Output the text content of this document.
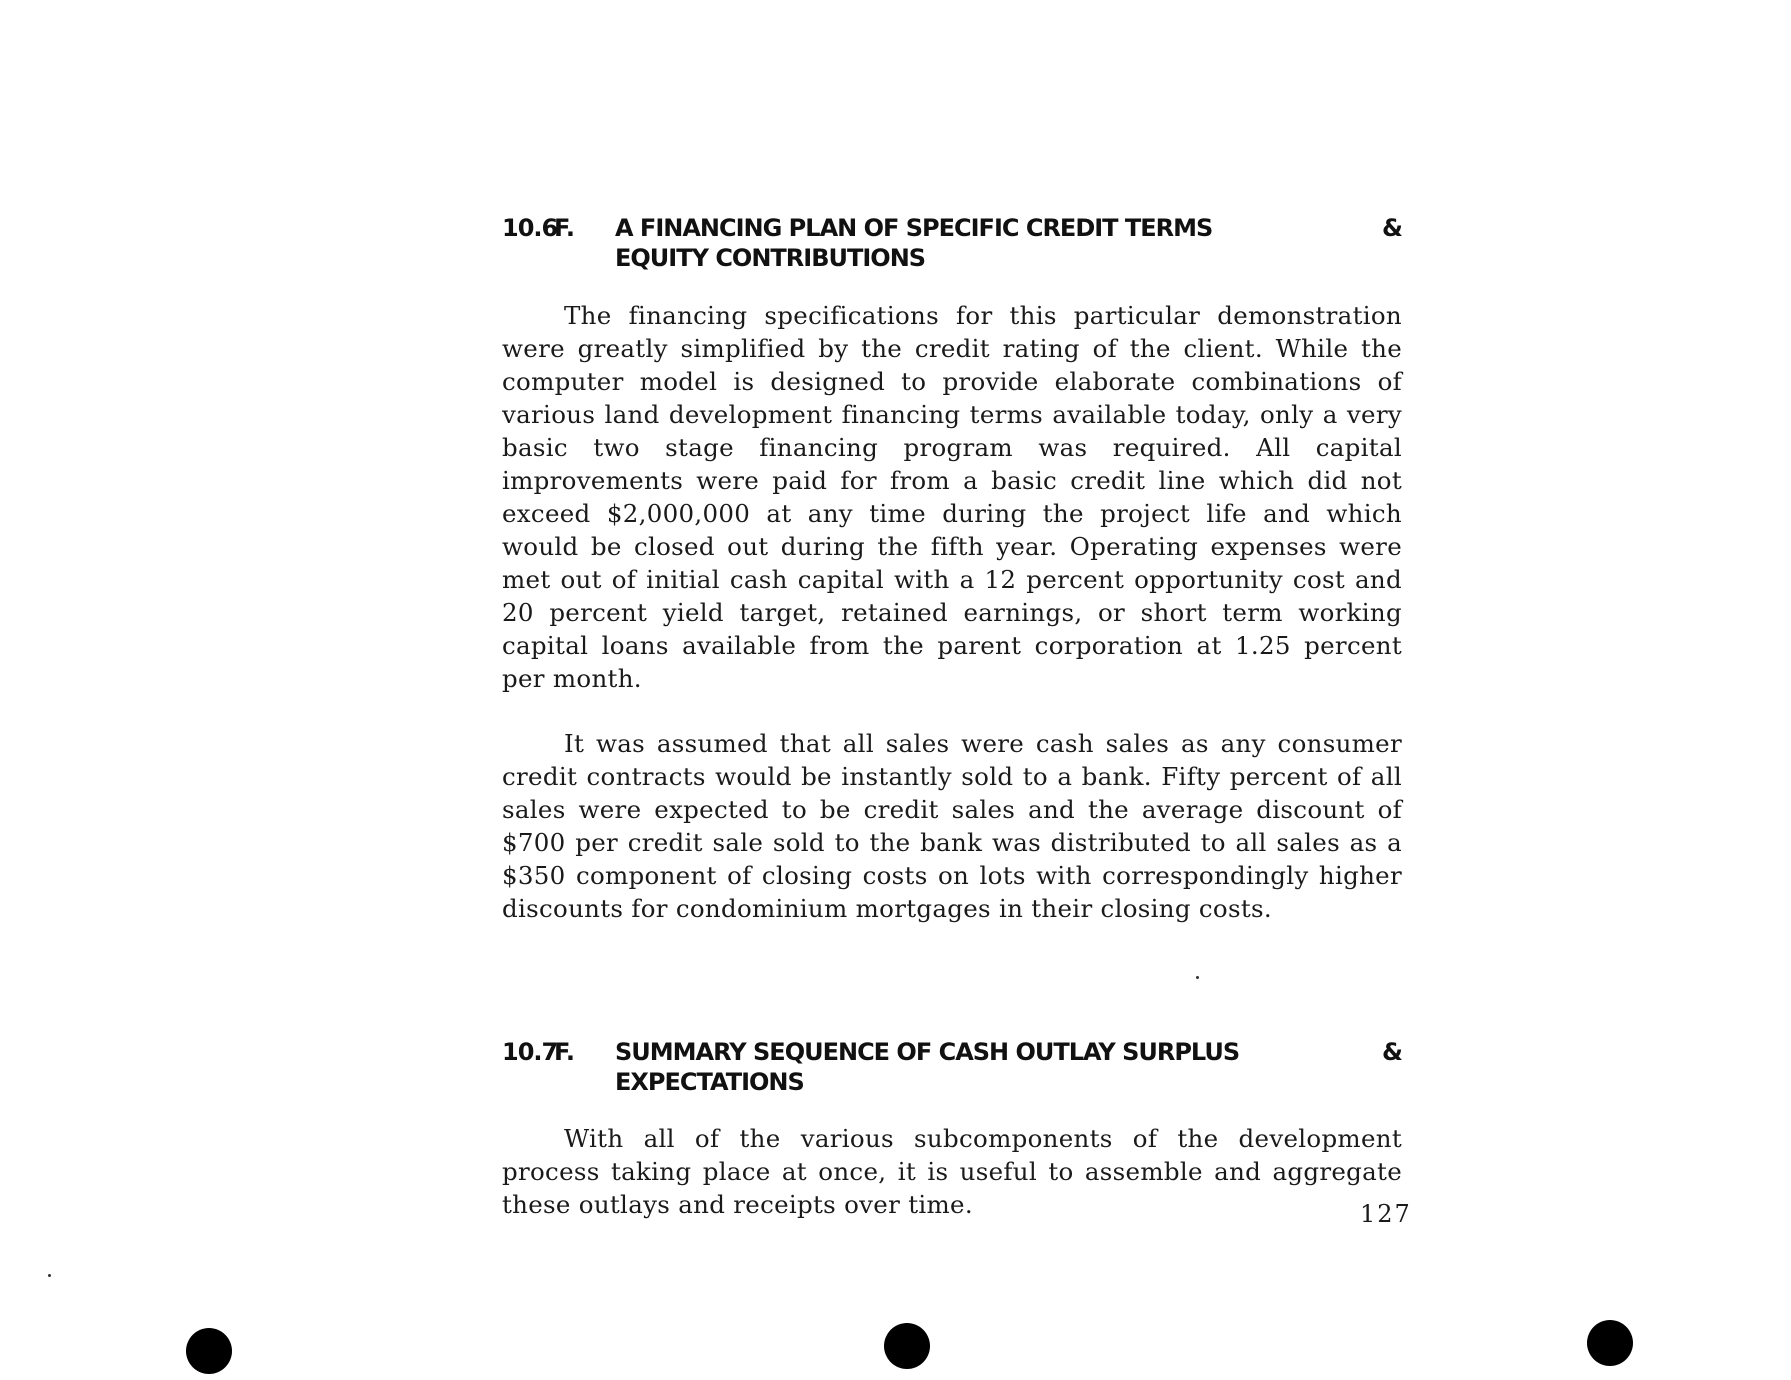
10.6
F. A FINANCING PLAN OF SPECIFIC CREDIT TERMS EQUITY CONTRIBUTIONS
&

The financing specifications for this particular demonstration were greatly simplified by the credit rating of the client. While the computer model is designed to provide elaborate combinations of various land development financing terms available today, only a very basic two stage financing program was required. All capital improvements were paid for from a basic credit line which did not exceed $2,000,000 at any time during the project life and which would be closed out during the fifth year. Operating expenses were met out of initial cash capital with a 12 percent opportunity cost and 20 percent yield target, retained earnings, or short term working capital loans available from the parent corporation at 1.25 percent per month.

It was assumed that all sales were cash sales as any consumer credit contracts would be instantly sold to a bank. Fifty percent of all sales were expected to be credit sales and the average discount of $700 per credit sale sold to the bank was distributed to all sales as a $350 component of closing costs on lots with correspondingly higher discounts for condominium mortgages in their closing costs.

10.7
F. SUMMARY SEQUENCE OF CASH OUTLAY SURPLUS EXPECTATIONS
&

With all of the various subcomponents of the development process taking place at once, it is useful to assemble and aggregate these outlays and receipts over time.	127
